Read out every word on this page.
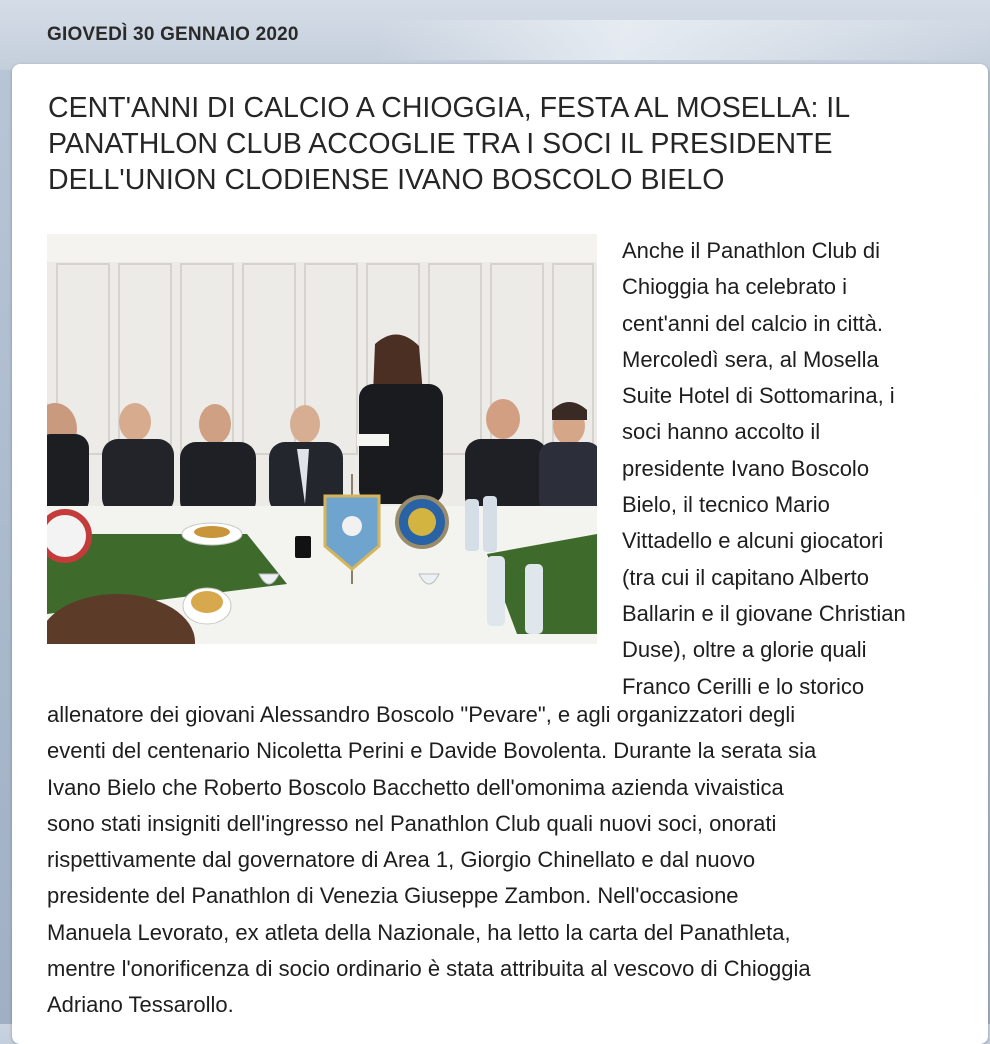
GIOVEDÌ 30 GENNAIO 2020
CENT'ANNI DI CALCIO A CHIOGGIA, FESTA AL MOSELLA: IL
PANATHLON CLUB ACCOGLIE TRA I SOCI IL PRESIDENTE
DELL'UNION CLODIENSE IVANO BOSCOLO BIELO
Anche il Panathlon Club di
Chioggia ha celebrato i
cent'anni del calcio in città.
Mercoledì sera, al Mosella
Suite Hotel di Sottomarina, i
soci hanno accolto il
presidente Ivano Boscolo
Bielo, il tecnico Mario
Vittadello e alcuni giocatori
(tra cui il capitano Alberto
Ballarin e il giovane Christian
Duse), oltre a glorie quali
Franco Cerilli e lo storico
allenatore dei giovani Alessandro Boscolo "Pevare", e agli organizzatori degli
eventi del centenario Nicoletta Perini e Davide Bovolenta. Durante la serata sia
Ivano Bielo che Roberto Boscolo Bacchetto dell'omonima azienda vivaistica
sono stati insigniti dell'ingresso nel Panathlon Club quali nuovi soci, onorati
rispettivamente dal governatore di Area 1, Giorgio Chinellato e dal nuovo
presidente del Panathlon di Venezia Giuseppe Zambon. Nell'occasione
Manuela Levorato, ex atleta della Nazionale, ha letto la carta del Panathleta,
mentre l'onorificenza di socio ordinario è stata attribuita al vescovo di Chioggia
Adriano Tessarollo.
